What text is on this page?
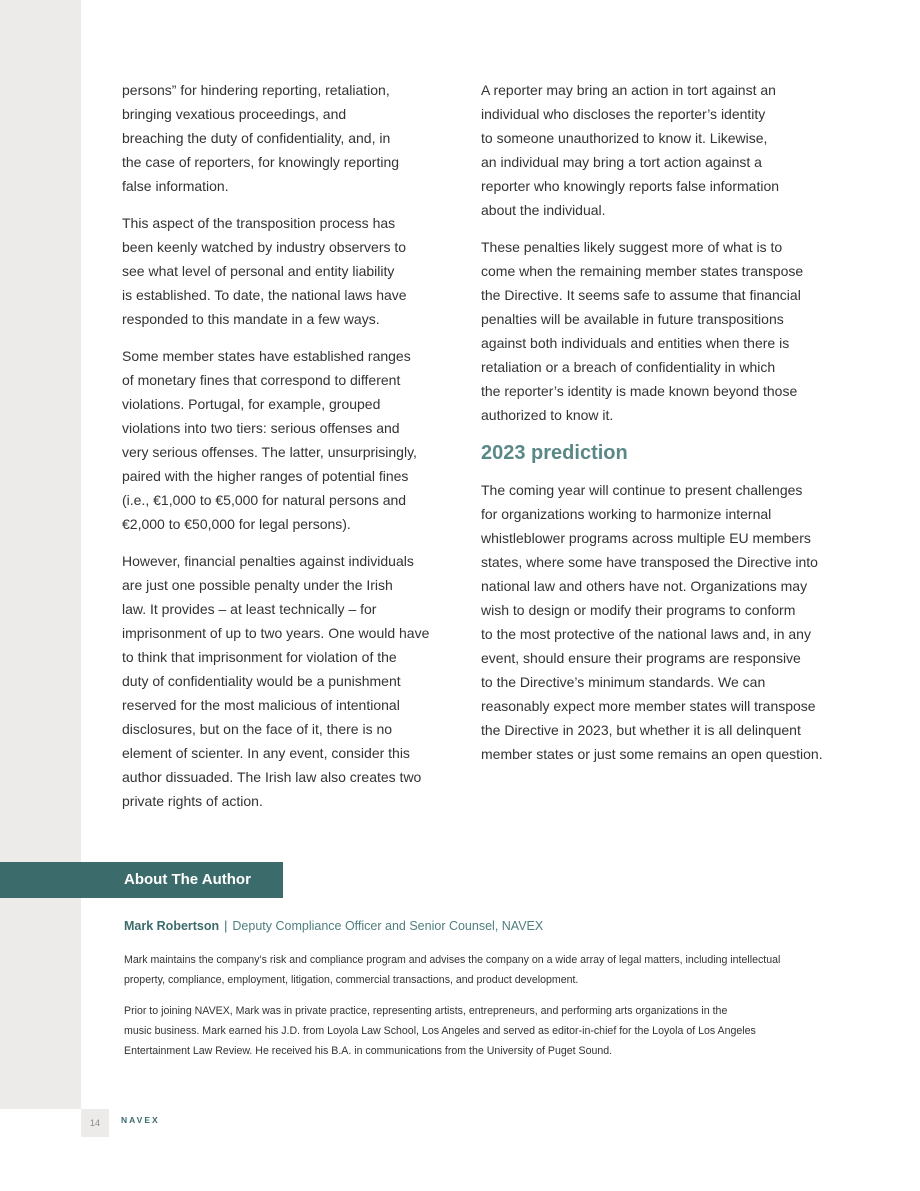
persons” for hindering reporting, retaliation,
bringing vexatious proceedings, and
breaching the duty of confidentiality, and, in
the case of reporters, for knowingly reporting
false information.

This aspect of the transposition process has
been keenly watched by industry observers to
see what level of personal and entity liability
is established. To date, the national laws have
responded to this mandate in a few ways.

Some member states have established ranges
of monetary fines that correspond to different
violations. Portugal, for example, grouped
violations into two tiers: serious offenses and
very serious offenses. The latter, unsurprisingly,
paired with the higher ranges of potential fines
(i.e., €1,000 to €5,000 for natural persons and
€2,000 to €50,000 for legal persons).

However, financial penalties against individuals
are just one possible penalty under the Irish
law. It provides – at least technically – for
imprisonment of up to two years. One would have
to think that imprisonment for violation of the
duty of confidentiality would be a punishment
reserved for the most malicious of intentional
disclosures, but on the face of it, there is no
element of scienter. In any event, consider this
author dissuaded. The Irish law also creates two
private rights of action.

A reporter may bring an action in tort against an
individual who discloses the reporter’s identity
to someone unauthorized to know it. Likewise,
an individual may bring a tort action against a
reporter who knowingly reports false information
about the individual.

These penalties likely suggest more of what is to
come when the remaining member states transpose
the Directive. It seems safe to assume that financial
penalties will be available in future transpositions
against both individuals and entities when there is
retaliation or a breach of confidentiality in which
the reporter’s identity is made known beyond those
authorized to know it.

2023 prediction

The coming year will continue to present challenges
for organizations working to harmonize internal
whistleblower programs across multiple EU members
states, where some have transposed the Directive into
national law and others have not. Organizations may
wish to design or modify their programs to conform
to the most protective of the national laws and, in any
event, should ensure their programs are responsive
to the Directive’s minimum standards. We can
reasonably expect more member states will transpose
the Directive in 2023, but whether it is all delinquent
member states or just some remains an open question.

About The Author
Mark Robertson | Deputy Compliance Officer and Senior Counsel, NAVEX
Mark maintains the company’s risk and compliance program and advises the company on a wide array of legal matters, including intellectual
property, compliance, employment, litigation, commercial transactions, and product development.
Prior to joining NAVEX, Mark was in private practice, representing artists, entrepreneurs, and performing arts organizations in the
music business. Mark earned his J.D. from Loyola Law School, Los Angeles and served as editor-in-chief for the Loyola of Los Angeles
Entertainment Law Review. He received his B.A. in communications from the University of Puget Sound.
14	NAVEX
